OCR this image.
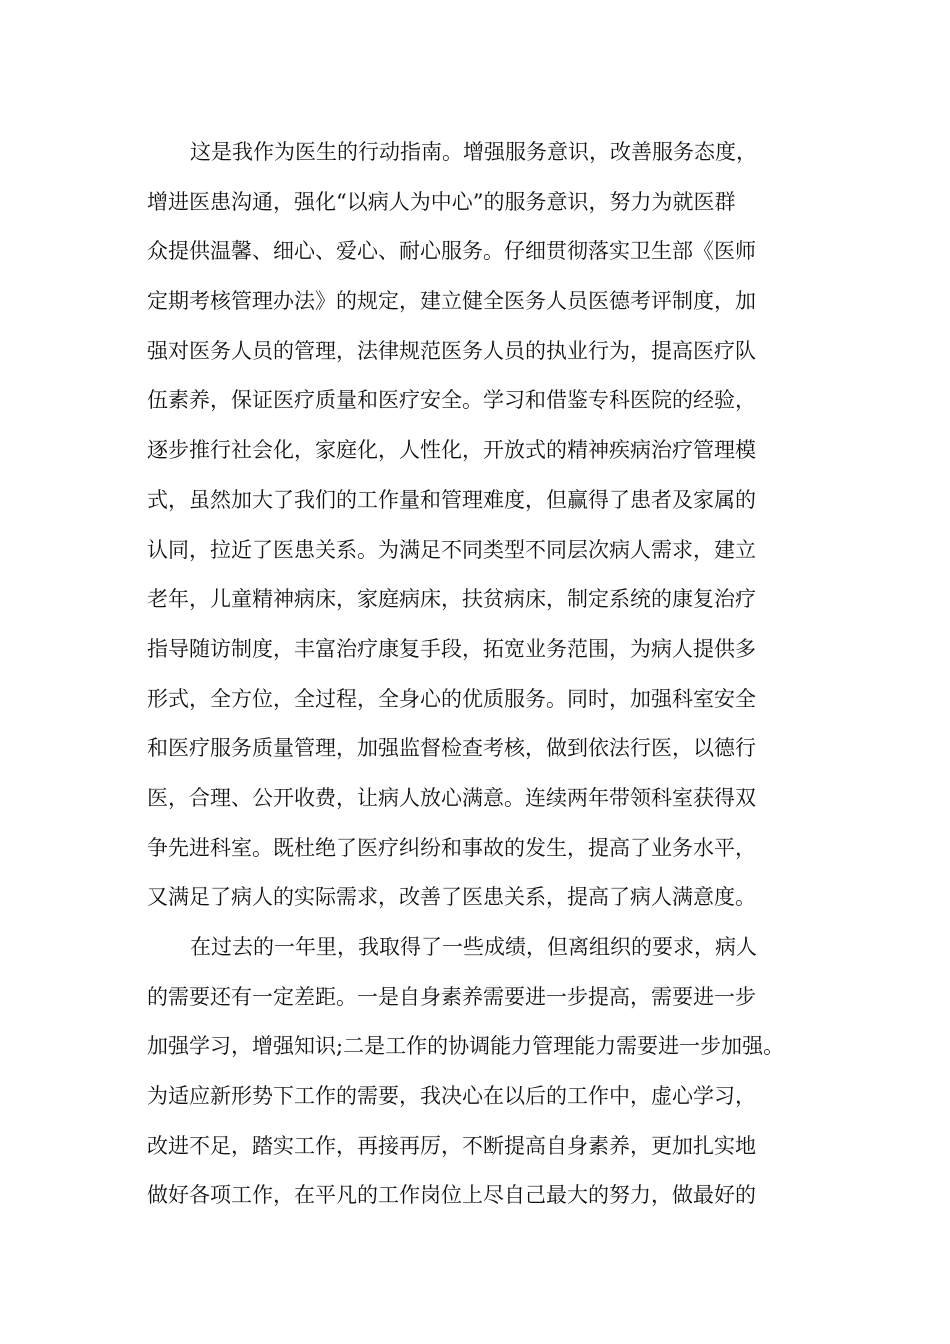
这是我作为医生的行动指南。增强服务意识，改善服务态度，
增进医患沟通，强化“以病人为中心”的服务意识，努力为就医群
众提供温馨、细心、爱心、耐心服务。仔细贯彻落实卫生部《医师
定期考核管理办法》的规定，建立健全医务人员医德考评制度，加
强对医务人员的管理，法律规范医务人员的执业行为，提高医疗队
伍素养，保证医疗质量和医疗安全。学习和借鉴专科医院的经验，
逐步推行社会化，家庭化，人性化，开放式的精神疾病治疗管理模
式，虽然加大了我们的工作量和管理难度，但赢得了患者及家属的
认同，拉近了医患关系。为满足不同类型不同层次病人需求，建立
老年，儿童精神病床，家庭病床，扶贫病床，制定系统的康复治疗
指导随访制度，丰富治疗康复手段，拓宽业务范围，为病人提供多
形式，全方位，全过程，全身心的优质服务。同时，加强科室安全
和医疗服务质量管理，加强监督检查考核，做到依法行医，以德行
医，合理、公开收费，让病人放心满意。连续两年带领科室获得双
争先进科室。既杜绝了医疗纠纷和事故的发生，提高了业务水平，
又满足了病人的实际需求，改善了医患关系，提高了病人满意度。
在过去的一年里，我取得了一些成绩，但离组织的要求，病人
的需要还有一定差距。一是自身素养需要进一步提高，需要进一步
加强学习，增强知识;二是工作的协调能力管理能力需要进一步加强。
为适应新形势下工作的需要，我决心在以后的工作中，虚心学习，
改进不足，踏实工作，再接再厉，不断提高自身素养，更加扎实地
做好各项工作，在平凡的工作岗位上尽自己最大的努力，做最好的
